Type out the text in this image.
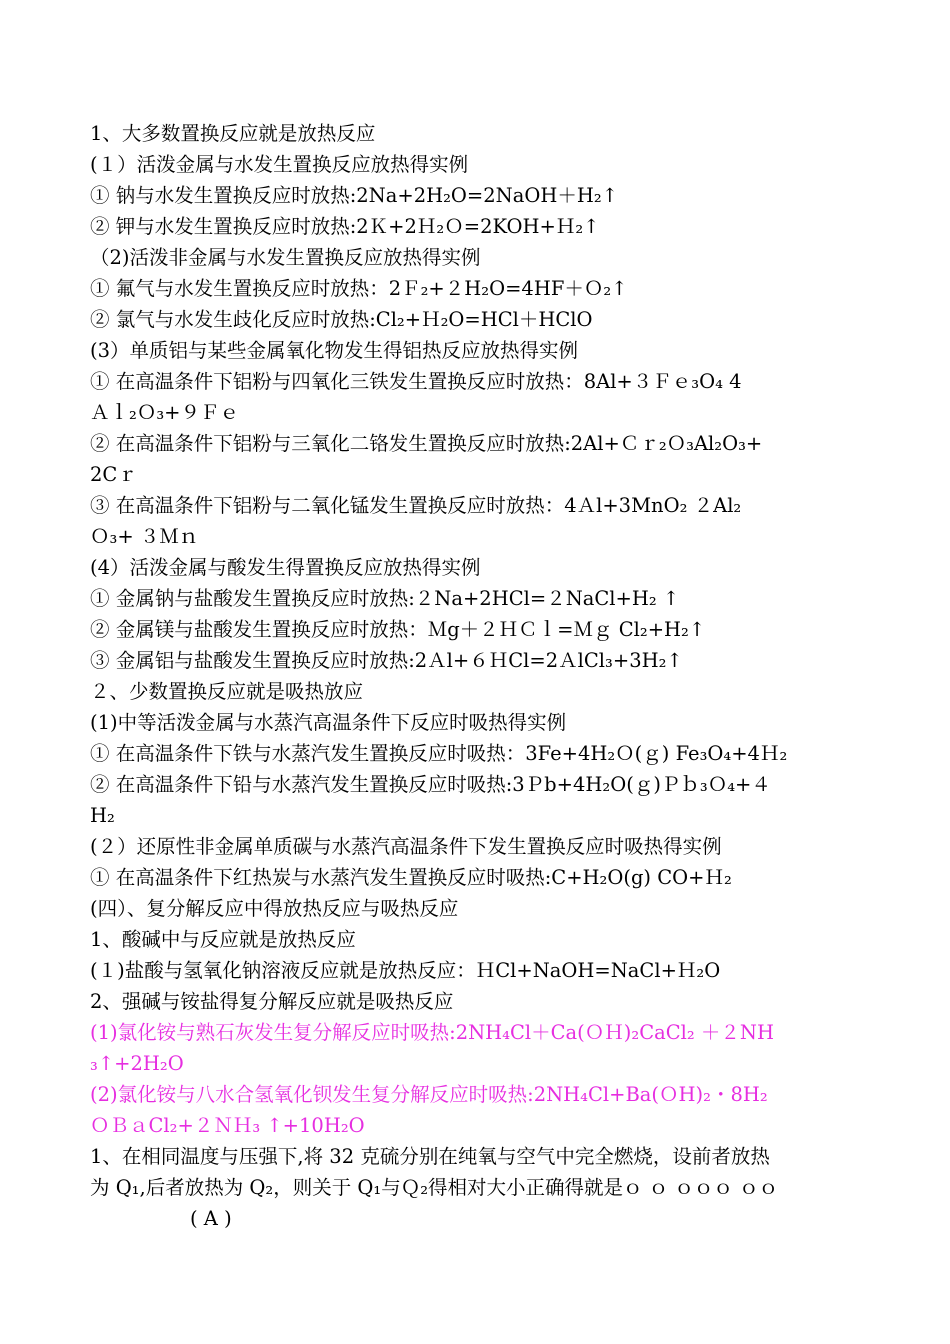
1、大多数置换反应就是放热反应
(１）活泼金属与水发生置换反应放热得实例
① 钠与水发生置换反应时放热:2Na+2H₂O=2NaOH＋H₂↑
② 钾与水发生置换反应时放热:2Ｋ+2Ｈ₂Ｏ=2KOH+Ｈ₂↑
（2)活泼非金属与水发生置换反应放热得实例
① 氟气与水发生置换反应时放热：2Ｆ₂+２H₂O=4HF＋Ｏ₂↑
② 氯气与水发生歧化反应时放热:Cl₂+Ｈ₂O=HCl＋HClO
(3）单质铝与某些金属氧化物发生得铝热反应放热得实例
① 在高温条件下铝粉与四氧化三铁发生置换反应时放热：8Al+３Ｆｅ₃O₄ 4
Ａｌ₂Ｏ₃+９Ｆｅ
② 在高温条件下铝粉与三氧化二铬发生置换反应时放热:2Al+Ｃｒ₂Ｏ₃Al₂O₃+
2Cｒ
③ 在高温条件下铝粉与二氧化锰发生置换反应时放热：4Ａl+3MnO₂ ２Al₂
Ｏ₃+ ３Ｍｎ
(4）活泼金属与酸发生得置换反应放热得实例
① 金属钠与盐酸发生置换反应时放热:２Na+2HCl=２NaCl+H₂ ↑
② 金属镁与盐酸发生置换反应时放热：Ｍg＋２ＨＣｌ=Ｍｇ Cl₂+H₂↑
③ 金属铝与盐酸发生置换反应时放热:2Ａl+６ＨCl=2ＡlCl₃+3H₂↑
２、少数置换反应就是吸热放应
(1)中等活泼金属与水蒸汽高温条件下反应时吸热得实例
① 在高温条件下铁与水蒸汽发生置换反应时吸热：3Fe+4H₂Ｏ(ｇ) Fe₃O₄+4Ｈ₂
② 在高温条件下铅与水蒸汽发生置换反应时吸热:3Ｐb+4H₂O(ｇ)Ｐｂ₃Ｏ₄+４
H₂
(２）还原性非金属单质碳与水蒸汽高温条件下发生置换反应时吸热得实例
① 在高温条件下红热炭与水蒸汽发生置换反应时吸热:C+H₂O(g) CO+Ｈ₂
(四）、复分解反应中得放热反应与吸热反应
1、酸碱中与反应就是放热反应
(１)盐酸与氢氧化钠溶液反应就是放热反应：ＨCl+NaOH=NaCl+Ｈ₂O
2、强碱与铵盐得复分解反应就是吸热反应
(1)氯化铵与熟石灰发生复分解反应时吸热:2NH₄Cl＋Ca(ＯＨ)₂CaCl₂ ＋２NH
₃↑+2H₂O
(2)氯化铵与八水合氢氧化钡发生复分解反应时吸热:2NH₄Cl+Ba(ＯH)₂・8H₂
ＯＢａCl₂+２ＮＨ₃ ↑+10H₂O
1、在相同温度与压强下,将 32 克硫分别在纯氧与空气中完全燃烧，设前者放热
为 Q₁,后者放热为 Q₂，则关于 Q₁与Ｑ₂得相对大小正确得就是ｏ ｏ ｏｏｏ ｏｏ
( A )
